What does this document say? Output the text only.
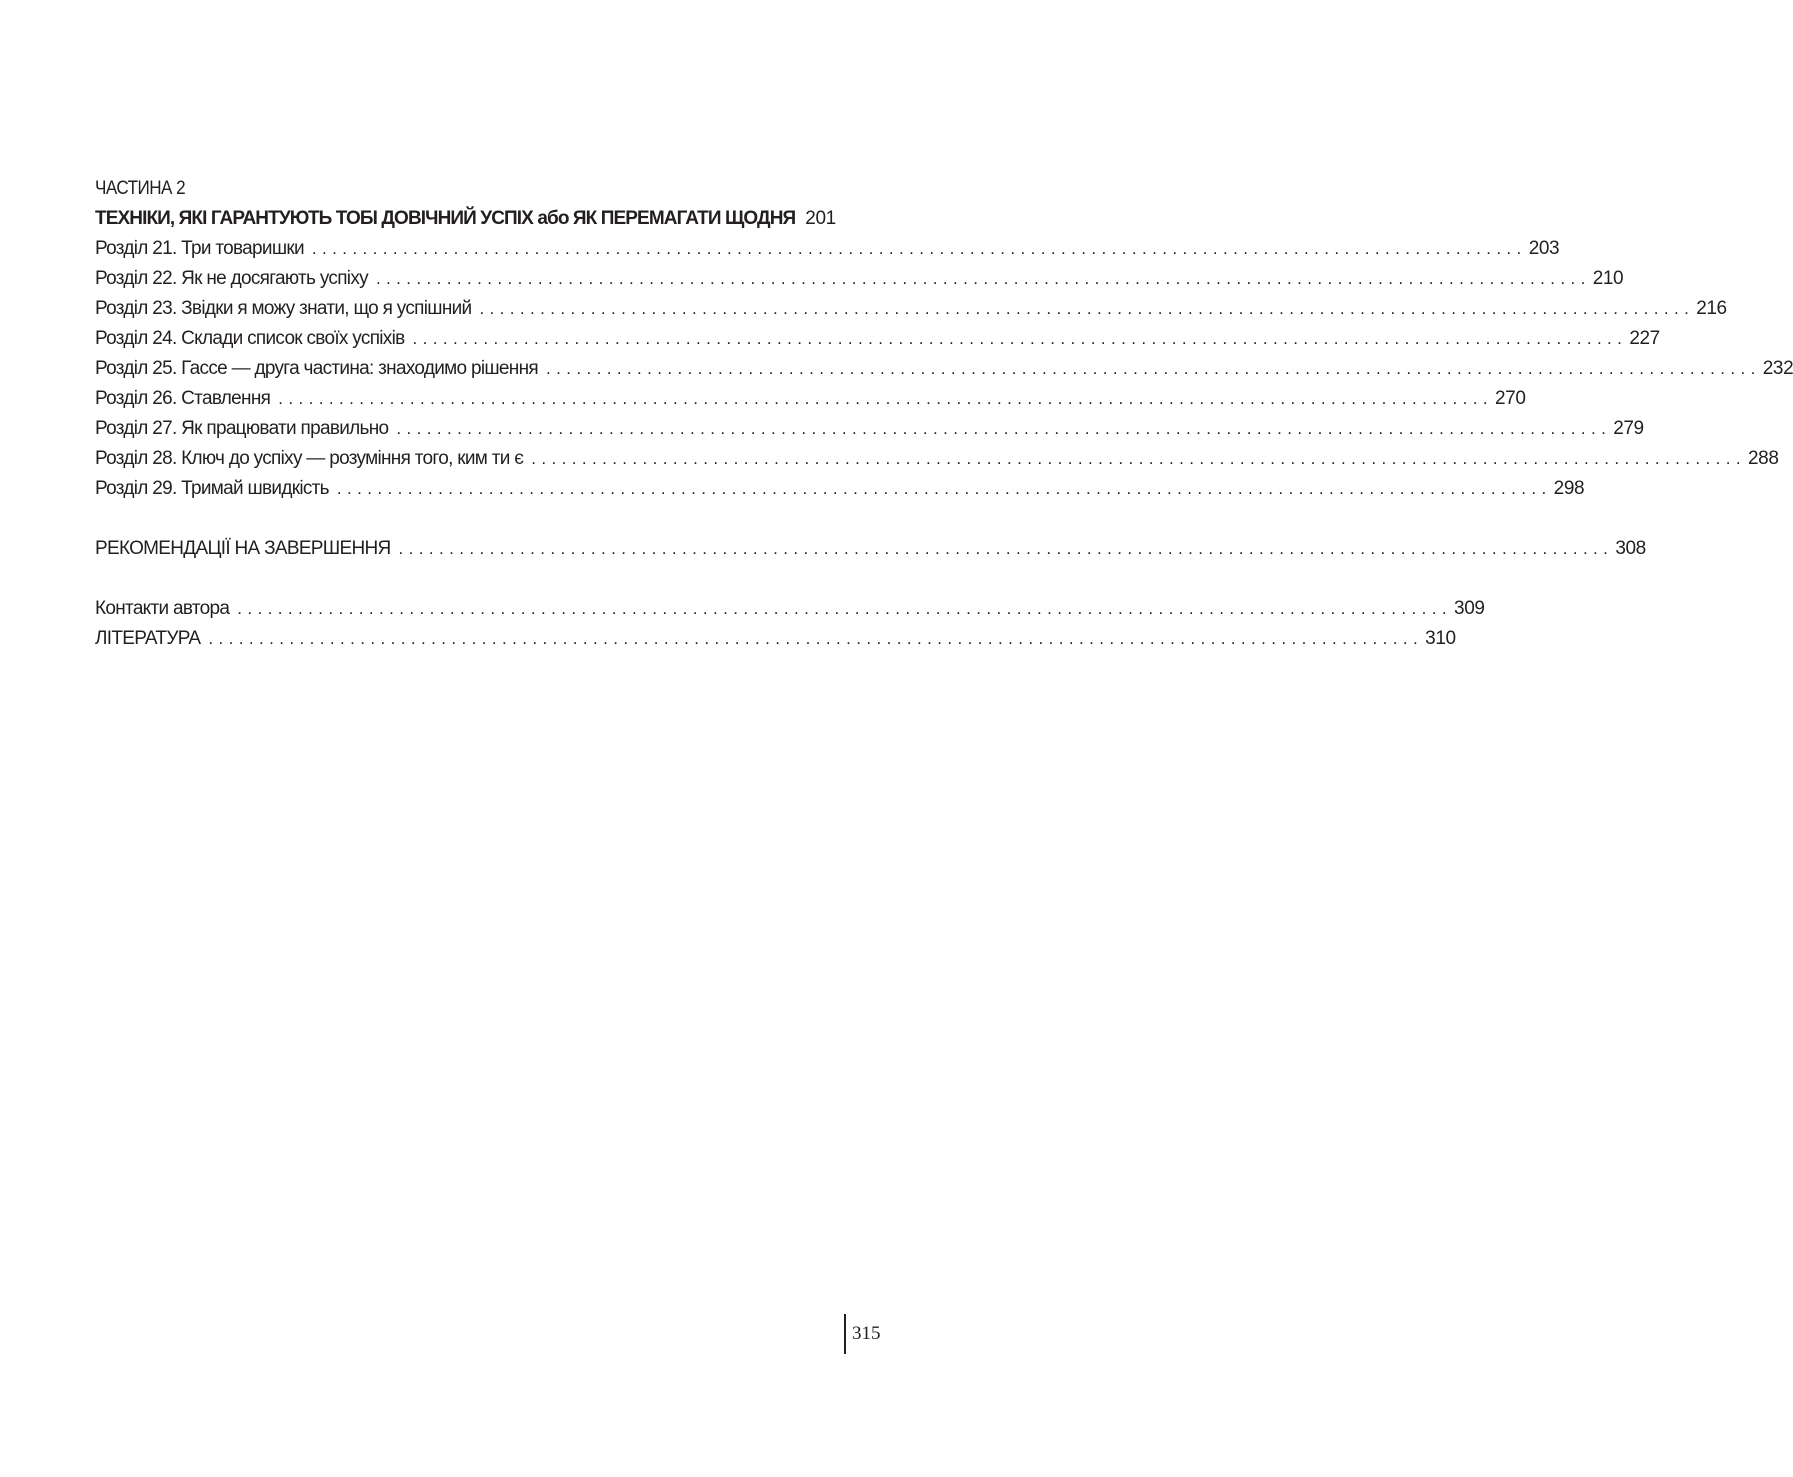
ЧАСТИНА 2
ТЕХНІКИ, ЯКІ ГАРАНТУЮТЬ ТОБІ ДОВІЧНИЙ УСПІХ або ЯК ПЕРЕМАГАТИ ЩОДНЯ 201
Розділ 21. Три товаришки ........................................................................................................................ 203
Розділ 22. Як не досягають успіху ........................................................................................................................ 210
Розділ 23. Звідки я можу знати, що я успішний ........................................................................................................................ 216
Розділ 24. Склади список своїх успіхів ........................................................................................................................ 227
Розділ 25. Гассе — друга частина: знаходимо рішення ........................................................................................................................ 232
Розділ 26. Ставлення ........................................................................................................................ 270
Розділ 27. Як працювати правильно ........................................................................................................................ 279
Розділ 28. Ключ до успіху — розуміння того, ким ти є ........................................................................................................................ 288
Розділ 29. Тримай швидкість ........................................................................................................................ 298
РЕКОМЕНДАЦІЇ НА ЗАВЕРШЕННЯ ........................................................................................................................ 308
Контакти автора ........................................................................................................................ 309
ЛІТЕРАТУРА ........................................................................................................................ 310
315
